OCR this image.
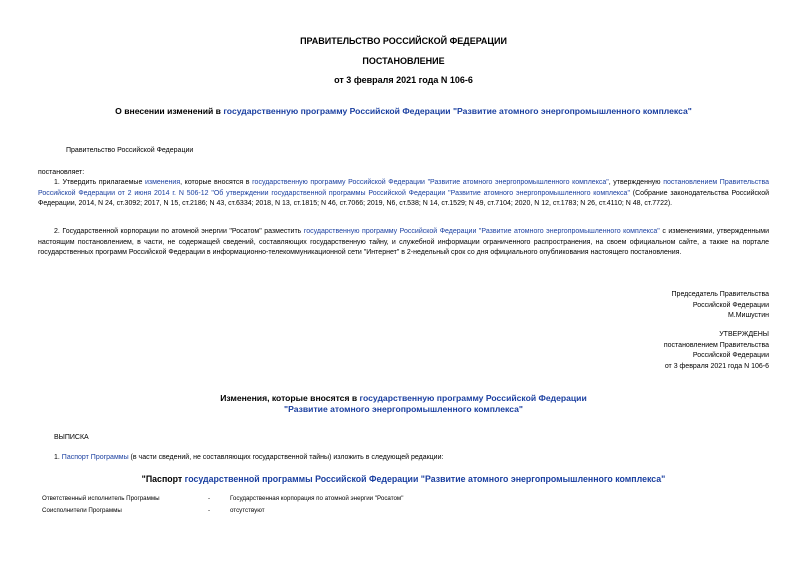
ПРАВИТЕЛЬСТВО РОССИЙСКОЙ ФЕДЕРАЦИИ
ПОСТАНОВЛЕНИЕ
от 3 февраля 2021 года N 106-6
О внесении изменений в государственную программу Российской Федерации "Развитие атомного энергопромышленного комплекса"
Правительство Российской Федерации
постановляет:
1. Утвердить прилагаемые изменения, которые вносятся в государственную программу Российской Федерации "Развитие атомного энергопромышленного комплекса", утвержденную постановлением Правительства Российской Федерации от 2 июня 2014 г. N 506-12 "Об утверждении государственной программы Российской Федерации "Развитие атомного энергопромышленного комплекса" (Собрание законодательства Российской Федерации, 2014, N 24, ст.3092; 2017, N 15, ст.2186; N 43, ст.6334; 2018, N 13, ст.1815; N 46, ст.7066; 2019, N6, ст.538; N 14, ст.1529; N 49, ст.7104; 2020, N 12, ст.1783; N 26, ст.4110; N 48, ст.7722).
2. Государственной корпорации по атомной энергии "Росатом" разместить государственную программу Российской Федерации "Развитие атомного энергопромышленного комплекса" с изменениями, утвержденными настоящим постановлением, в части, не содержащей сведений, составляющих государственную тайну, и служебной информации ограниченного распространения, на своем официальном сайте, а также на портале государственных программ Российской Федерации в информационно-телекоммуникационной сети "Интернет" в 2-недельный срок со дня официального опубликования настоящего постановления.
Председатель Правительства
Российской Федерации
М.Мишустин
УТВЕРЖДЕНЫ
постановлением Правительства
Российской Федерации
от 3 февраля 2021 года N 106-6
Изменения, которые вносятся в государственную программу Российской Федерации
"Развитие атомного энергопромышленного комплекса"
ВЫПИСКА
1. Паспорт Программы (в части сведений, не составляющих государственной тайны) изложить в следующей редакции:
"Паспорт государственной программы Российской Федерации "Развитие атомного энергопромышленного комплекса"
Ответственный исполнитель Программы	-	Государственная корпорация по атомной энергии "Росатом"
Соисполнители Программы	-	отсутствуют
